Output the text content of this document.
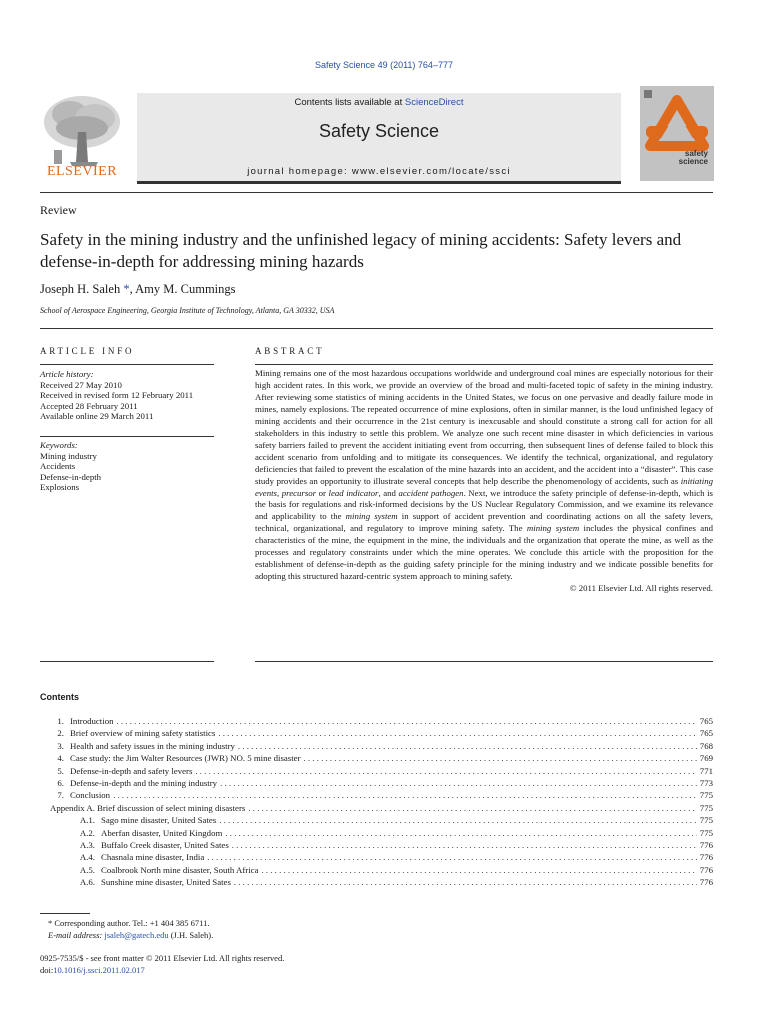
Safety Science 49 (2011) 764–777
ELSEVIER
Contents lists available at ScienceDirect
Safety Science
journal homepage: www.elsevier.com/locate/ssci
safety
science
Review
Safety in the mining industry and the unfinished legacy of mining accidents: Safety levers and defense-in-depth for addressing mining hazards
Joseph H. Saleh *, Amy M. Cummings
School of Aerospace Engineering, Georgia Institute of Technology, Atlanta, GA 30332, USA
ARTICLE INFO	ABSTRACT
Article history:
Received 27 May 2010
Received in revised form 12 February 2011
Accepted 28 February 2011
Available online 29 March 2011
Keywords:
Mining industry
Accidents
Defense-in-depth
Explosions

Mining remains one of the most hazardous occupations worldwide and underground coal mines are especially notorious for their high accident rates. In this work, we provide an overview of the broad and multi-faceted topic of safety in the mining industry. After reviewing some statistics of mining accidents in the United States, we focus on one pervasive and deadly failure mode in mines, namely explosions. The repeated occurrence of mine explosions, often in similar manner, is the loud unfinished legacy of mining accidents and their occurrence in the 21st century is inexcusable and should constitute a strong call for action for all stakeholders in this industry to settle this problem. We analyze one such recent mine disaster in which deficiencies in various safety barriers failed to prevent the accident initiating event from occurring, then subsequent lines of defense failed to block this accident scenario from unfolding and to mitigate its consequences. We identify the technical, organizational, and regulatory deficiencies that failed to prevent the escalation of the mine hazards into an accident, and the accident into a “disaster”. This case study provides an opportunity to illustrate several concepts that help describe the phenomenology of accidents, such as initiating events, precursor or lead indicator, and accident pathogen. Next, we introduce the safety principle of defense-in-depth, which is the basis for regulations and risk-informed decisions by the US Nuclear Regulatory Commission, and we examine its relevance and applicability to the mining system in support of accident prevention and coordinating actions on all the safety levers, technical, organizational, and regulatory to improve mining safety. The mining system includes the physical confines and characteristics of the mine, the equipment in the mine, the individuals and the organization that operate the mine, as well as the processes and regulatory constraints under which the mine operates. We conclude this article with the proposition for the establishment of defense-in-depth as the guiding safety principle for the mining industry and we indicate possible benefits for adopting this structured hazard-centric system approach to mining safety.

© 2011 Elsevier Ltd. All rights reserved.

Contents
1. Introduction . . .	765
2. Brief overview of mining safety statistics . . .	765
3. Health and safety issues in the mining industry . . .	768
4. Case study: the Jim Walter Resources (JWR) NO. 5 mine disaster . . .	769
5. Defense-in-depth and safety levers . . .	771
6. Defense-in-depth and the mining industry . . .	773
7. Conclusion . . .	775
Appendix A. Brief discussion of select mining disasters . . .	775
A.1. Sago mine disaster, United Sates . . .	775
A.2. Aberfan disaster, United Kingdom . . .	775
A.3. Buffalo Creek disaster, United Sates . . .	776
A.4. Chasnala mine disaster, India . . .	776
A.5. Coalbrook North mine disaster, South Africa . . .	776
A.6. Sunshine mine disaster, United Sates . . .	776
* Corresponding author. Tel.: +1 404 385 6711.
E-mail address: jsaleh@gatech.edu (J.H. Saleh).
0925-7535/$ - see front matter © 2011 Elsevier Ltd. All rights reserved.
doi:10.1016/j.ssci.2011.02.017
